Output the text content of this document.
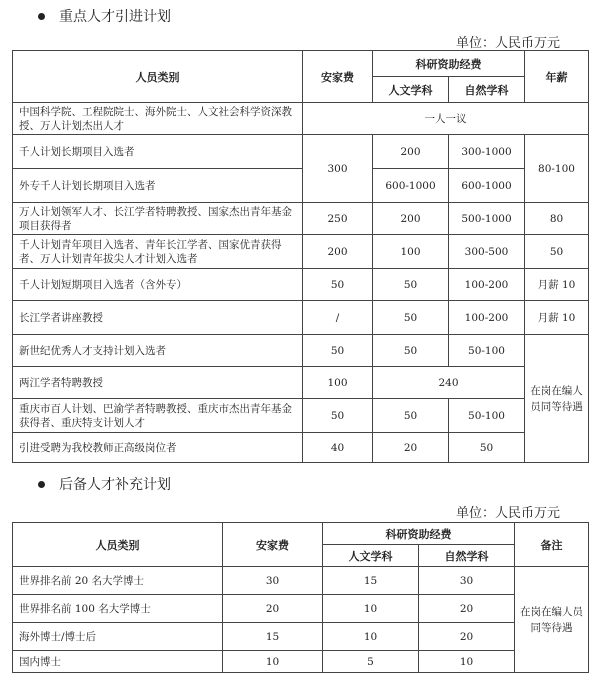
重点人才引进计划
单位：人民币万元
人员类别	安家费	科研资助经费		年薪
		人文学科	自然学科	
中国科学院、工程院院士、海外院士、人文社会科学资深教授、万人计划杰出人才	一人一议			
千人计划长期项目入选者	300	200	300-1000	80-100
外专千人计划长期项目入选者		600-1000	600-1000	
万人计划领军人才、长江学者特聘教授、国家杰出青年基金项目获得者	250	200	500-1000	80
千人计划青年项目入选者、青年长江学者、国家优青获得者、万人计划青年拔尖人才计划入选者	200	100	300-500	50
千人计划短期项目入选者（含外专）	50	50	100-200	月薪 10
长江学者讲座教授	/	50	100-200	月薪 10
新世纪优秀人才支持计划入选者	50	50	50-100	在岗在编人员同等待遇
两江学者特聘教授	100	240		
重庆市百人计划、巴渝学者特聘教授、重庆市杰出青年基金获得者、重庆特支计划人才	50	50	50-100	
引进受聘为我校教师正高级岗位者	40	20	50	
后备人才补充计划
单位：人民币万元
人员类别	安家费	科研资助经费		备注
		人文学科	自然学科	
世界排名前 20 名大学博士	30	15	30	在岗在编人员同等待遇
世界排名前 100 名大学博士	20	10	20	
海外博士/博士后	15	10	20	
国内博士	10	5	10	
